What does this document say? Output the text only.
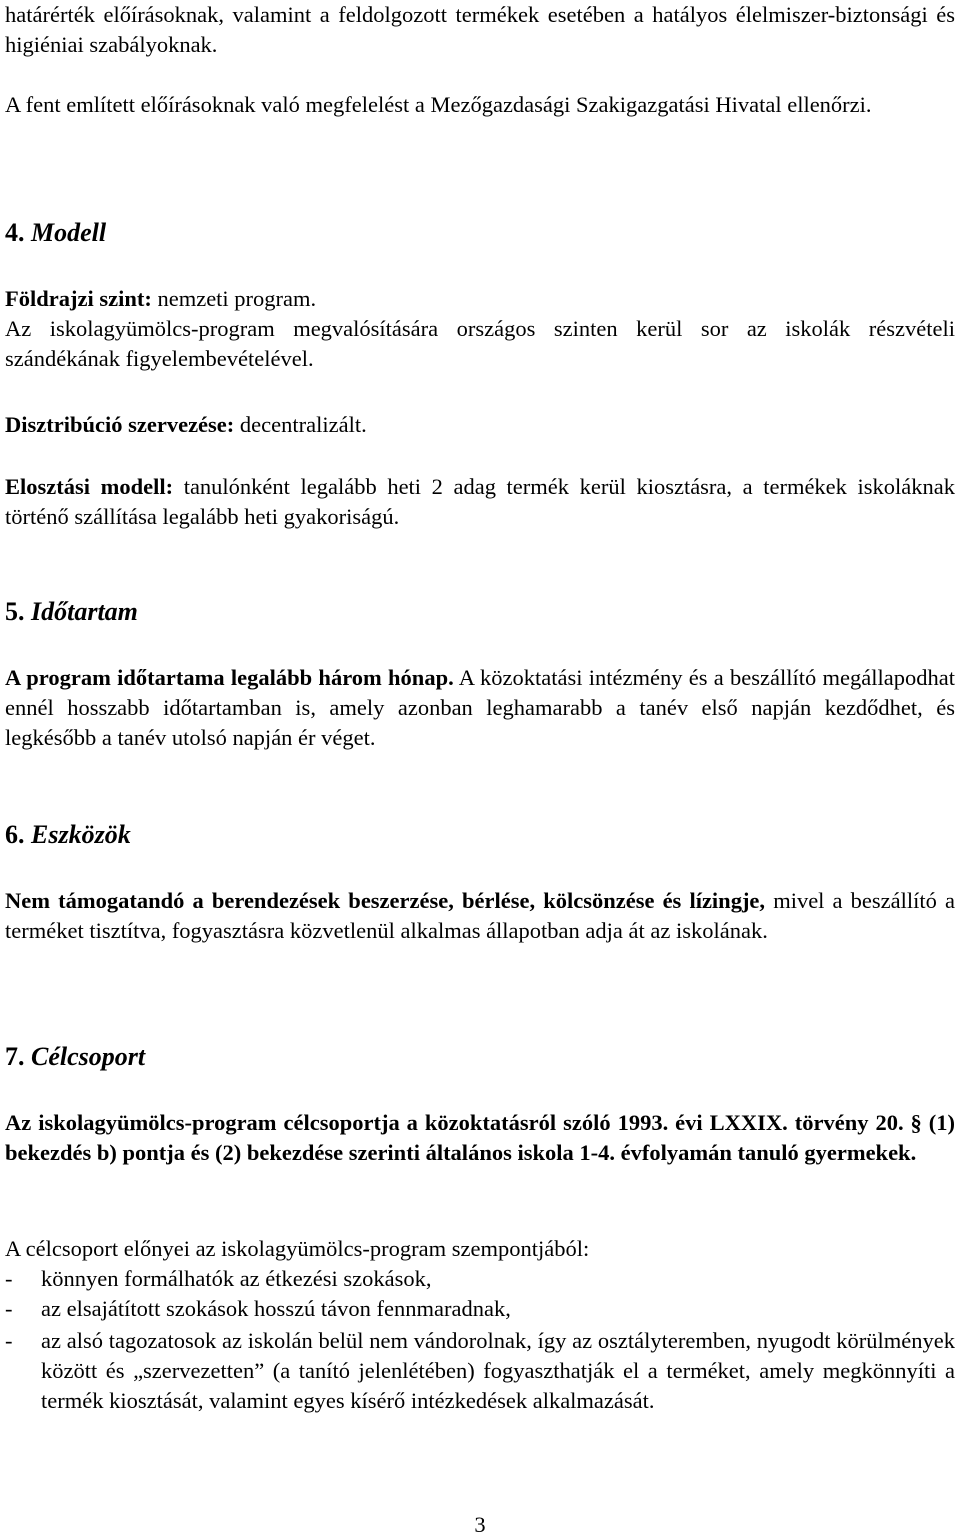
határérték előírásoknak, valamint a feldolgozott termékek esetében a hatályos élelmiszer-biztonsági és higiéniai szabályoknak.

A fent említett előírásoknak való megfelelést a Mezőgazdasági Szakigazgatási Hivatal ellenőrzi.

4. Modell

Földrajzi szint: nemzeti program.

Az iskolagyümölcs-program megvalósítására országos szinten kerül sor az iskolák részvételi szándékának figyelembevételével.

Disztribúció szervezése: decentralizált.

Elosztási modell: tanulónként legalább heti 2 adag termék kerül kiosztásra, a termékek iskoláknak történő szállítása legalább heti gyakoriságú.

5. Időtartam

A program időtartama legalább három hónap. A közoktatási intézmény és a beszállító megállapodhat ennél hosszabb időtartamban is, amely azonban leghamarabb a tanév első napján kezdődhet, és legkésőbb a tanév utolsó napján ér véget.

6. Eszközök

Nem támogatandó a berendezések beszerzése, bérlése, kölcsönzése és lízingje, mivel a beszállító a terméket tisztítva, fogyasztásra közvetlenül alkalmas állapotban adja át az iskolának.

7. Célcsoport

Az iskolagyümölcs-program célcsoportja a közoktatásról szóló 1993. évi LXXIX. törvény 20. § (1) bekezdés b) pontja és (2) bekezdése szerinti általános iskola 1-4. évfolyamán tanuló gyermekek.

A célcsoport előnyei az iskolagyümölcs-program szempontjából:

- könnyen formálhatók az étkezési szokások,
- az elsajátított szokások hosszú távon fennmaradnak,
- az alsó tagozatosok az iskolán belül nem vándorolnak, így az osztályteremben, nyugodt körülmények között és „szervezetten” (a tanító jelenlétében) fogyaszthatják el a terméket, amely megkönnyíti a termék kiosztását, valamint egyes kísérő intézkedések alkalmazását.
3
